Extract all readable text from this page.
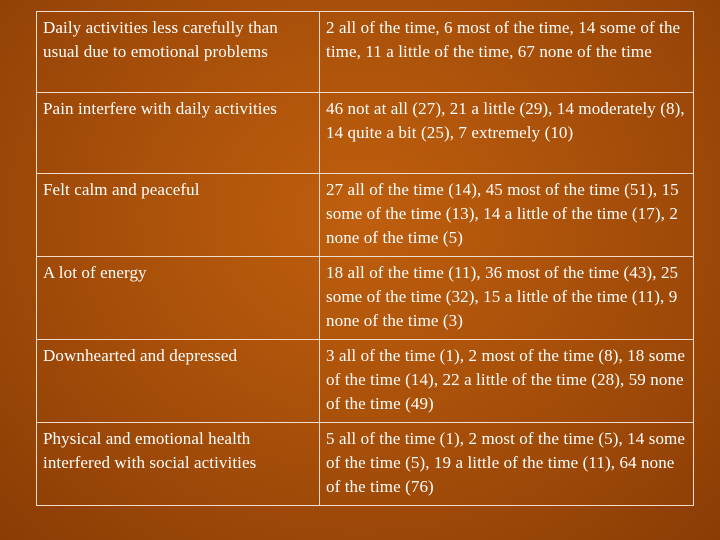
Daily activities less carefully than usual due to emotional problems	2 all of the time, 6 most of the time, 14 some of the time, 11 a little of the time, 67 none of the time
Pain interfere with daily activities	46 not at all (27), 21 a little (29), 14 moderately (8), 14 quite a bit (25), 7 extremely (10)
Felt calm and peaceful	27 all of the time (14), 45 most of the time (51), 15 some of the time (13), 14 a little of the time (17), 2 none of the time (5)
A lot of energy	18 all of the time (11), 36 most of the time (43), 25 some of the time (32), 15 a little of the time (11), 9 none of the time (3)
Downhearted and depressed	3 all of the time (1), 2 most of the time (8), 18 some of the time (14), 22 a little of the time (28), 59 none of the time (49)
Physical and emotional health interfered with social activities	5 all of the time (1), 2 most of the time (5), 14 some of the time (5), 19 a little of the time (11), 64 none of the time (76)
